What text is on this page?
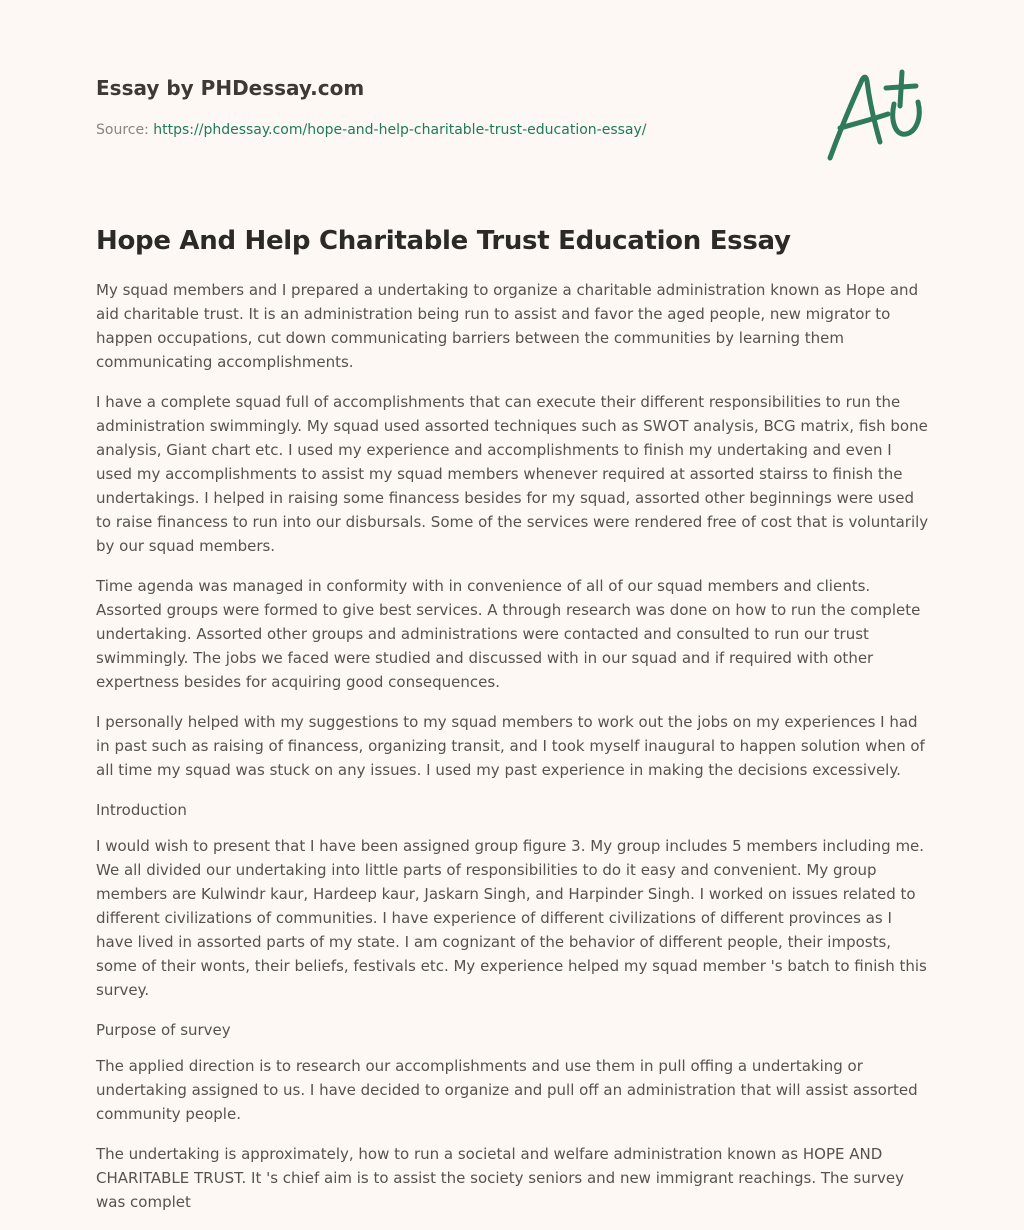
Essay by PHDessay.com
Source: https://phdessay.com/hope-and-help-charitable-trust-education-essay/
Hope And Help Charitable Trust Education Essay

My squad members and I prepared a undertaking to organize a charitable administration known as Hope and aid charitable trust. It is an administration being run to assist and favor the aged people, new migrator to happen occupations, cut down communicating barriers between the communities by learning them communicating accomplishments.

I have a complete squad full of accomplishments that can execute their different responsibilities to run the administration swimmingly. My squad used assorted techniques such as SWOT analysis, BCG matrix, fish bone analysis, Giant chart etc. I used my experience and accomplishments to finish my undertaking and even I used my accomplishments to assist my squad members whenever required at assorted stairss to finish the undertakings. I helped in raising some financess besides for my squad, assorted other beginnings were used to raise financess to run into our disbursals. Some of the services were rendered free of cost that is voluntarily by our squad members.

Time agenda was managed in conformity with in convenience of all of our squad members and clients. Assorted groups were formed to give best services. A through research was done on how to run the complete undertaking. Assorted other groups and administrations were contacted and consulted to run our trust swimmingly. The jobs we faced were studied and discussed with in our squad and if required with other expertness besides for acquiring good consequences.

I personally helped with my suggestions to my squad members to work out the jobs on my experiences I had in past such as raising of financess, organizing transit, and I took myself inaugural to happen solution when of all time my squad was stuck on any issues. I used my past experience in making the decisions excessively.

Introduction

I would wish to present that I have been assigned group figure 3. My group includes 5 members including me. We all divided our undertaking into little parts of responsibilities to do it easy and convenient. My group members are Kulwindr kaur, Hardeep kaur, Jaskarn Singh, and Harpinder Singh. I worked on issues related to different civilizations of communities. I have experience of different civilizations of different provinces as I have lived in assorted parts of my state. I am cognizant of the behavior of different people, their imposts, some of their wonts, their beliefs, festivals etc. My experience helped my squad member 's batch to finish this survey.

Purpose of survey

The applied direction is to research our accomplishments and use them in pull offing a undertaking or undertaking assigned to us. I have decided to organize and pull off an administration that will assist assorted community people.

The undertaking is approximately, how to run a societal and welfare administration known as HOPE AND CHARITABLE TRUST. It 's chief aim is to assist the society seniors and new immigrant reachings. The survey was complet
